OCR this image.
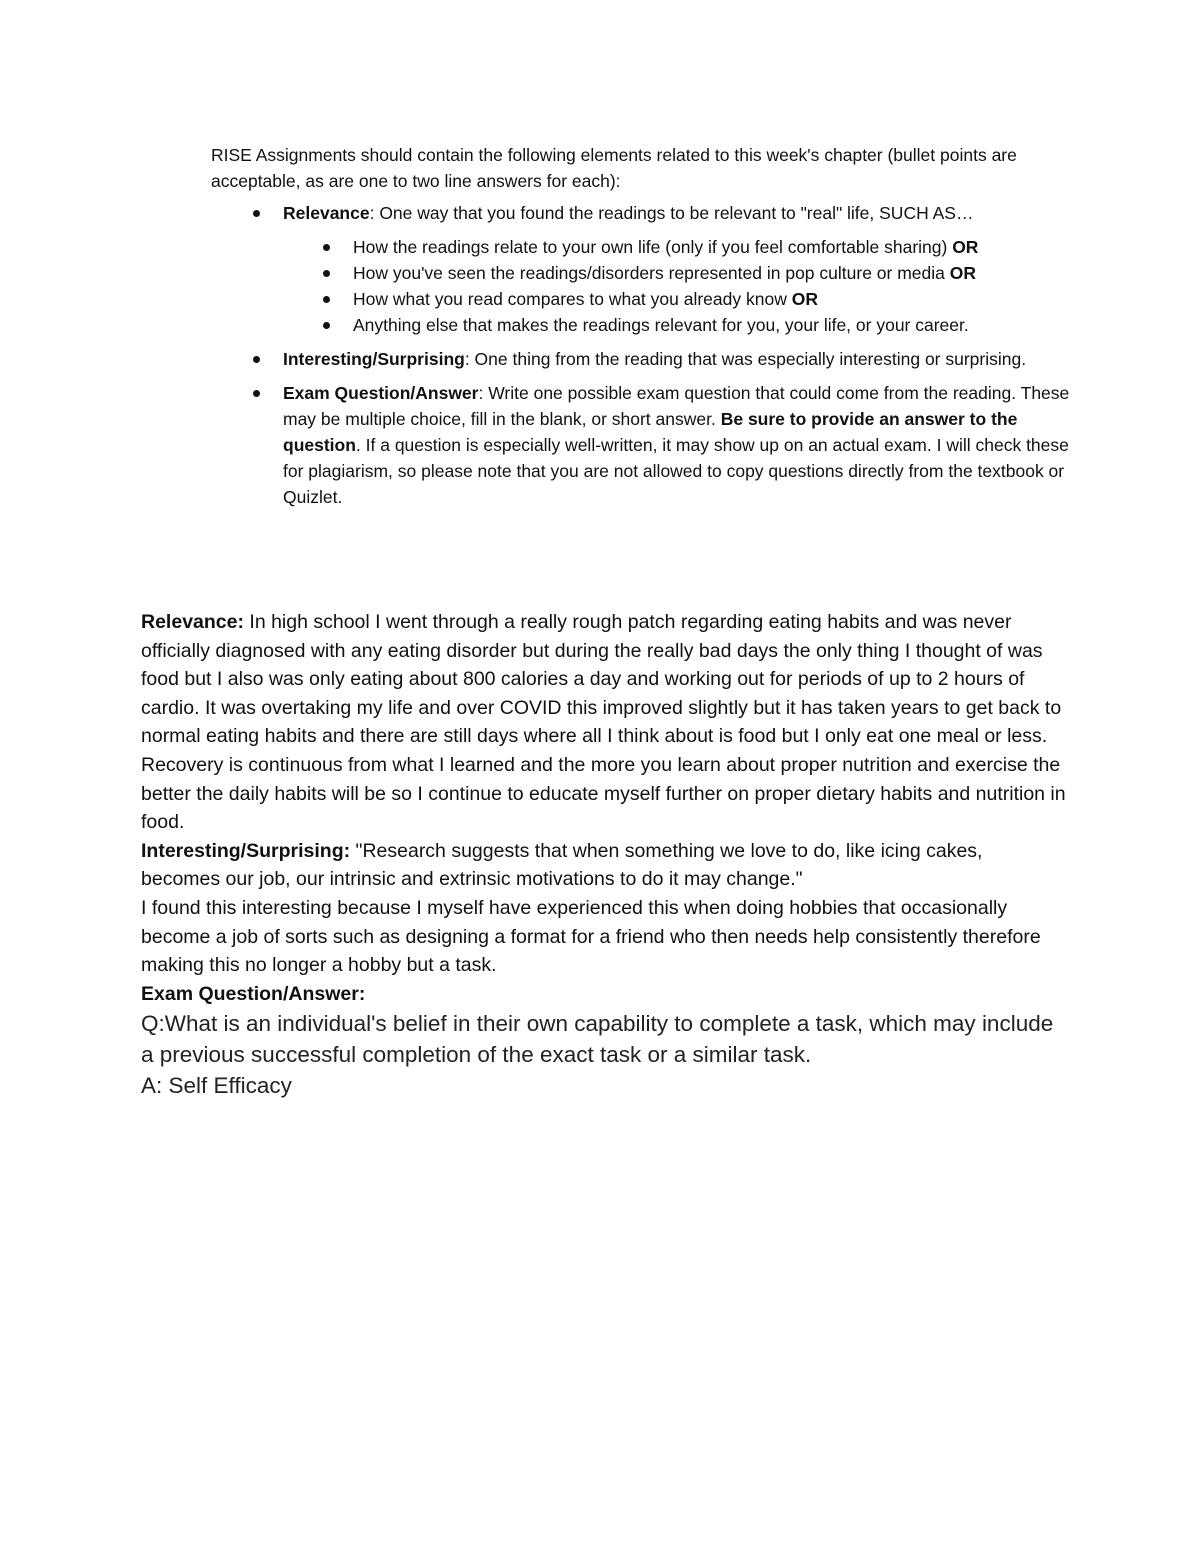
RISE Assignments should contain the following elements related to this week's chapter (bullet points are acceptable, as are one to two line answers for each):

Relevance: One way that you found the readings to be relevant to "real" life, SUCH AS…
How the readings relate to your own life (only if you feel comfortable sharing) OR
How you've seen the readings/disorders represented in pop culture or media OR
How what you read compares to what you already know OR
Anything else that makes the readings relevant for you, your life, or your career.
Interesting/Surprising: One thing from the reading that was especially interesting or surprising.
Exam Question/Answer: Write one possible exam question that could come from the reading. These may be multiple choice, fill in the blank, or short answer. Be sure to provide an answer to the question. If a question is especially well-written, it may show up on an actual exam. I will check these for plagiarism, so please note that you are not allowed to copy questions directly from the textbook or Quizlet.

Relevance: In high school I went through a really rough patch regarding eating habits and was never officially diagnosed with any eating disorder but during the really bad days the only thing I thought of was food but I also was only eating about 800 calories a day and working out for periods of up to 2 hours of cardio. It was overtaking my life and over COVID this improved slightly but it has taken years to get back to normal eating habits and there are still days where all I think about is food but I only eat one meal or less. Recovery is continuous from what I learned and the more you learn about proper nutrition and exercise the better the daily habits will be so I continue to educate myself further on proper dietary habits and nutrition in food.

Interesting/Surprising: "Research suggests that when something we love to do, like icing cakes, becomes our job, our intrinsic and extrinsic motivations to do it may change."

I found this interesting because I myself have experienced this when doing hobbies that occasionally become a job of sorts such as designing a format for a friend who then needs help consistently therefore making this no longer a hobby but a task.

Exam Question/Answer:

Q:What is an individual's belief in their own capability to complete a task, which may include a previous successful completion of the exact task or a similar task.

A: Self Efficacy
